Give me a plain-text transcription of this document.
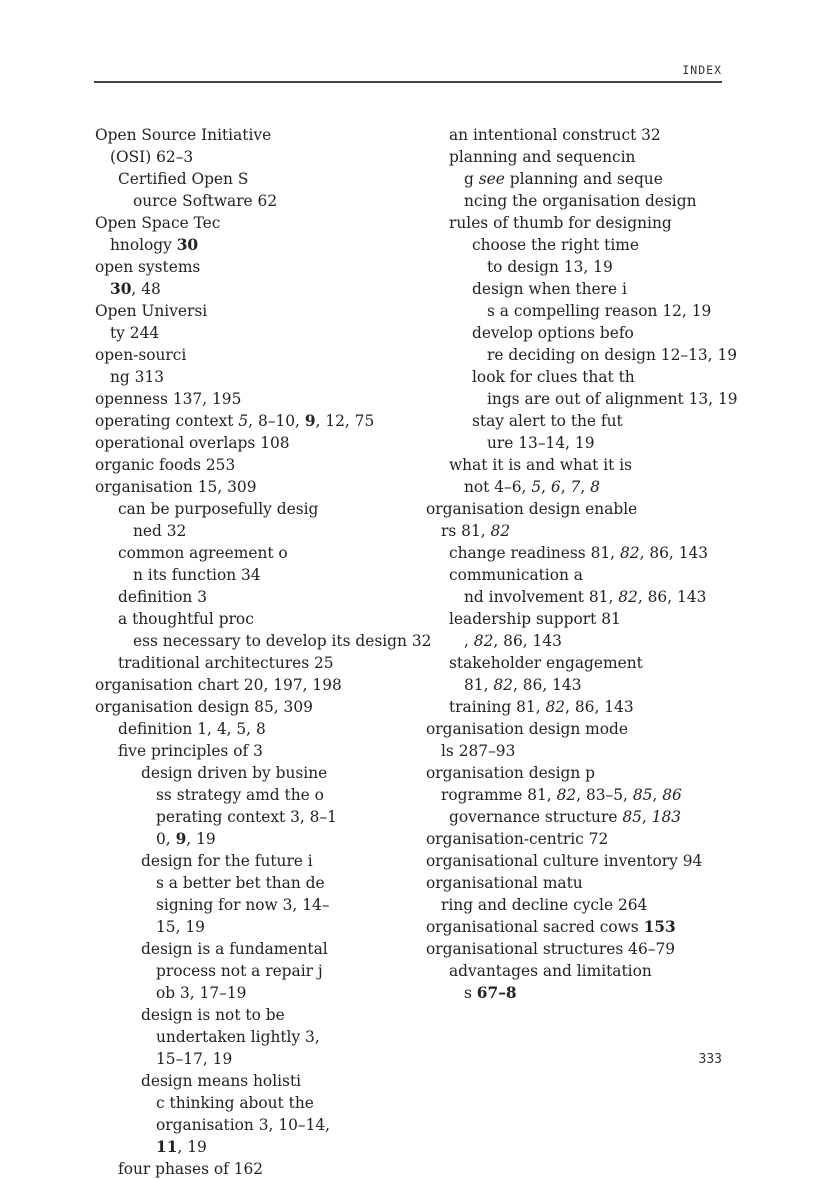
INDEX
Open Source Initiative
(OSI) 62–3
Certified Open S
ource Software 62
Open Space Tec
hnology 30
open systems
30, 48
Open Universi
ty 244
open-sourci
ng 313
openness 137, 195
operating context 5, 8–10, 9, 12, 75
operational overlaps 108
organic foods 253
organisation 15, 309
can be purposefully desig
ned 32
common agreement o
n its function 34
definition 3
a thoughtful proc
ess necessary to develop its design 32
traditional architectures 25
organisation chart 20, 197, 198
organisation design 85, 309
definition 1, 4, 5, 8
five principles of 3
design driven by busine
ss strategy amd the o
perating context 3, 8–1
0, 9, 19
design for the future i
s a better bet than de
signing for now 3, 14–
15, 19
design is a fundamental
process not a repair j
ob 3, 17–19
design is not to be
undertaken lightly 3,
15–17, 19
design means holisti
c thinking about the
organisation 3, 10–14,
11, 19
four phases of 162
an intentional construct 32
planning and sequencin
g see planning and seque
ncing the organisation design
rules of thumb for designing
choose the right time
to design 13, 19
design when there i
s a compelling reason 12, 19
develop options befo
re deciding on design 12–13, 19
look for clues that th
ings are out of alignment 13, 19
stay alert to the fut
ure 13–14, 19
what it is and what it is
not 4–6, 5, 6, 7, 8
organisation design enable
rs 81, 82
change readiness 81, 82, 86, 143
communication a
nd involvement 81, 82, 86, 143
leadership support 81
, 82, 86, 143
stakeholder engagement
81, 82, 86, 143
training 81, 82, 86, 143
organisation design mode
ls 287–93
organisation design p
rogramme 81, 82, 83–5, 85, 86
governance structure 85, 183
organisation-centric 72
organisational culture inventory 94
organisational matu
ring and decline cycle 264
organisational sacred cows 153
organisational structures 46–79
advantages and limitation
s 67–8
333
